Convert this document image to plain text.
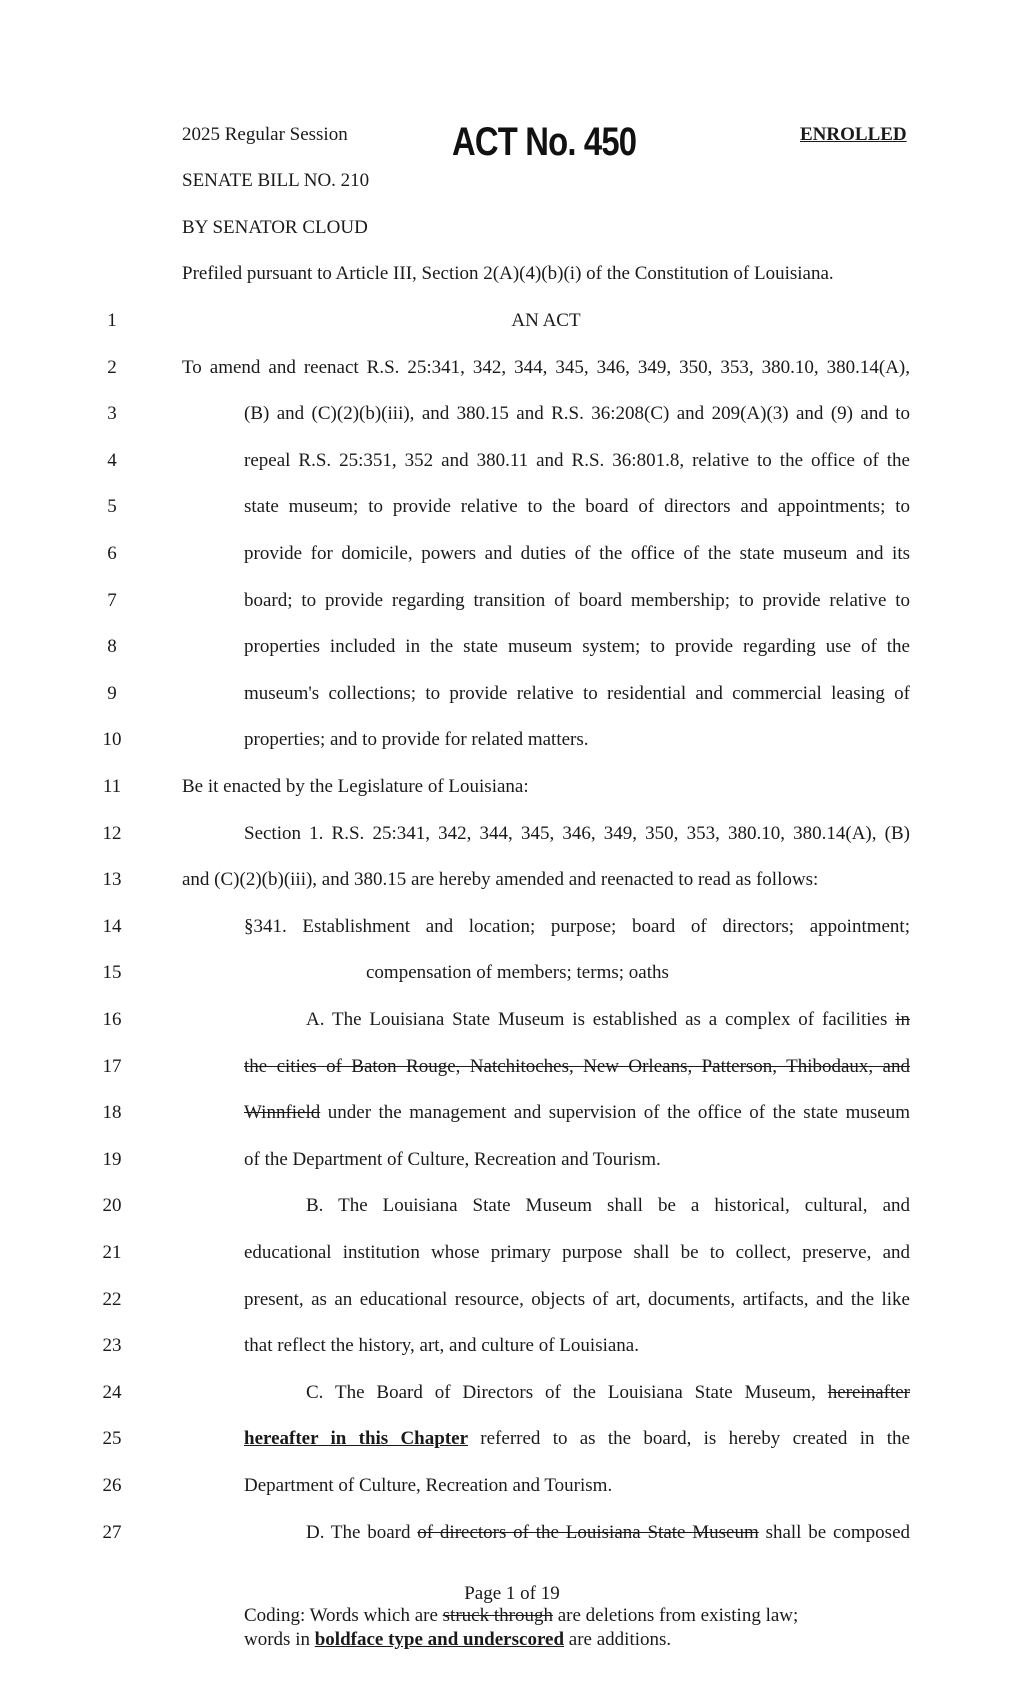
2025 Regular Session	ACT No. 450	ENROLLED
SENATE BILL NO. 210
BY SENATOR CLOUD
Prefiled pursuant to Article III, Section 2(A)(4)(b)(i) of the Constitution of Louisiana.
1	AN ACT
2	To amend and reenact R.S. 25:341, 342, 344, 345, 346, 349, 350, 353, 380.10, 380.14(A),
3	(B) and (C)(2)(b)(iii), and 380.15 and R.S. 36:208(C) and 209(A)(3) and (9) and to
4	repeal R.S. 25:351, 352 and 380.11 and R.S. 36:801.8, relative to the office of the
5	state museum; to provide relative to the board of directors and appointments; to
6	provide for domicile, powers and duties of the office of the state museum and its
7	board; to provide regarding transition of board membership; to provide relative to
8	properties included in the state museum system; to provide regarding use of the
9	museum's collections; to provide relative to residential and commercial leasing of
10	properties; and to provide for related matters.
11	Be it enacted by the Legislature of Louisiana:
12	Section 1. R.S. 25:341, 342, 344, 345, 346, 349, 350, 353, 380.10, 380.14(A), (B)
13	and (C)(2)(b)(iii), and 380.15 are hereby amended and reenacted to read as follows:
14	§341. Establishment and location; purpose; board of directors; appointment;
15	compensation of members; terms; oaths
16	A. The Louisiana State Museum is established as a complex of facilities in
17	the cities of Baton Rouge, Natchitoches, New Orleans, Patterson, Thibodaux, and
18	Winnfield under the management and supervision of the office of the state museum
19	of the Department of Culture, Recreation and Tourism.
20	B. The Louisiana State Museum shall be a historical, cultural, and
21	educational institution whose primary purpose shall be to collect, preserve, and
22	present, as an educational resource, objects of art, documents, artifacts, and the like
23	that reflect the history, art, and culture of Louisiana.
24	C. The Board of Directors of the Louisiana State Museum, hereinafter
25	hereafter in this Chapter referred to as the board, is hereby created in the
26	Department of Culture, Recreation and Tourism.
27	D. The board of directors of the Louisiana State Museum shall be composed
Page 1 of 19
Coding: Words which are struck through are deletions from existing law;
words in boldface type and underscored are additions.
